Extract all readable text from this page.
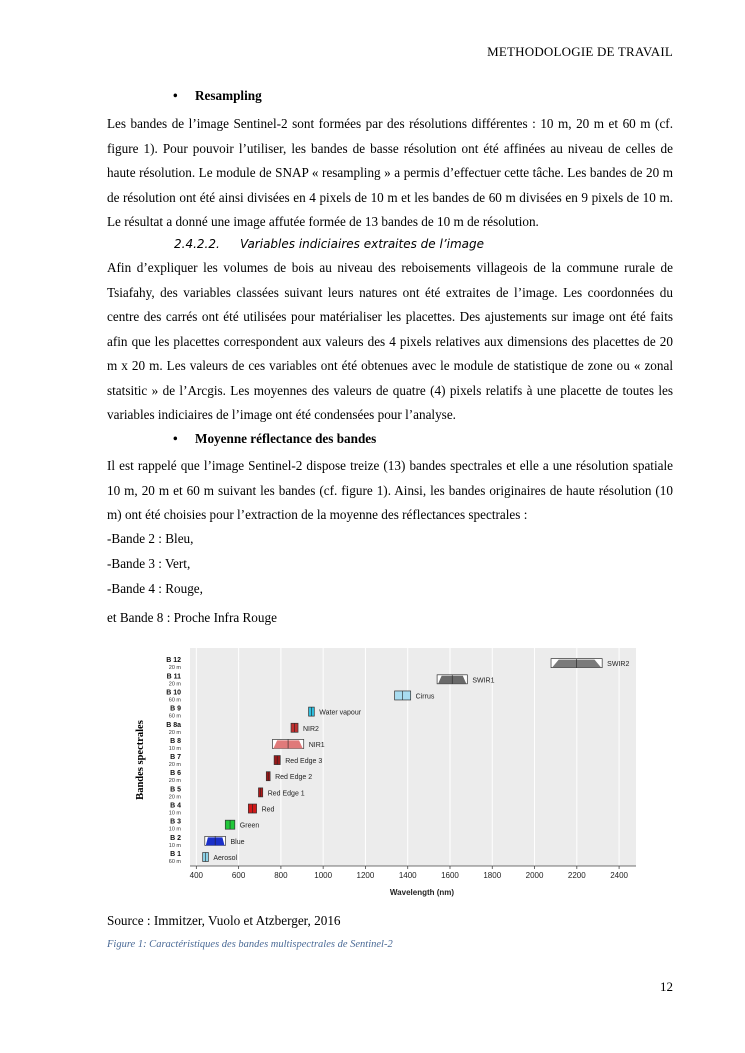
METHODOLOGIE DE TRAVAIL
• Resampling
Les bandes de l’image Sentinel-2 sont formées par des résolutions différentes : 10 m, 20 m et 60 m (cf. figure 1). Pour pouvoir l’utiliser, les bandes de basse résolution ont été affinées au niveau de celles de haute résolution. Le module de SNAP « resampling » a permis d’effectuer cette tâche. Les bandes de 20 m de résolution ont été ainsi divisées en 4 pixels de 10 m et les bandes de 60 m divisées en 9 pixels de 10 m. Le résultat a donné une image affutée formée de 13 bandes de 10 m de résolution.
2.4.2.2. Variables indiciaires extraites de l’image
Afin d’expliquer les volumes de bois au niveau des reboisements villageois de la commune rurale de Tsiafahy, des variables classées suivant leurs natures ont été extraites de l’image. Les coordonnées du centre des carrés ont été utilisées pour matérialiser les placettes. Des ajustements sur image ont été faits afin que les placettes correspondent aux valeurs des 4 pixels relatives aux dimensions des placettes de 20 m x 20 m. Les valeurs de ces variables ont été obtenues avec le module de statistique de zone ou « zonal statsitic » de l’Arcgis. Les moyennes des valeurs de quatre (4) pixels relatifs à une placette de toutes les variables indiciaires de l’image ont été condensées pour l’analyse.
• Moyenne réflectance des bandes
Il est rappelé que l’image Sentinel-2 dispose treize (13) bandes spectrales et elle a une résolution spatiale 10 m, 20 m et 60 m suivant les bandes (cf. figure 1). Ainsi, les bandes originaires de haute résolution (10 m) ont été choisies pour l’extraction de la moyenne des réflectances spectrales :
-Bande 2 : Bleu,
-Bande 3 : Vert,
-Bande 4 : Rouge,
et Bande 8 : Proche Infra Rouge
Aerosol
Blue
Green
Red
Red Edge 1
Red Edge 2
Red Edge 3
NIR1
NIR2
Water vapour
Cirrus
SWIR1
SWIR2
B 1
60 m
B 2
10 m
B 3
10 m
B 4
10 m
B 5
20 m
B 6
20 m
B 7
20 m
B 8
10 m
B 8a
20 m
B 9
60 m
B 10
60 m
B 11
20 m
B 12
20 m
400	600	800	1000	1200	1400	1600	1800	2000	2200	2400
Wavelength (nm)
Bandes spectrales
Source : Immitzer, Vuolo et Atzberger, 2016
Figure 1: Caractéristiques des bandes multispectrales de Sentinel-2
12
